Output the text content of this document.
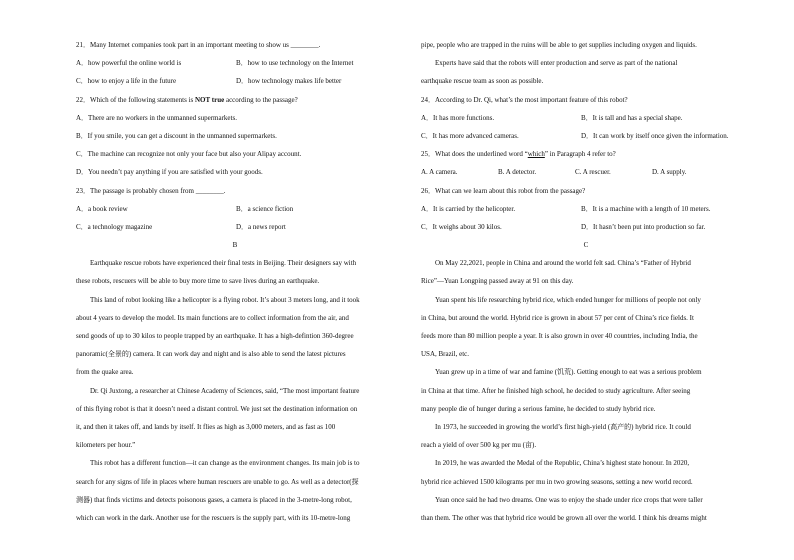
21．Many Internet companies took part in an important meeting to show us ________.
A．how powerful the online world is	B．how to use technology on the Internet
C．how to enjoy a life in the future	D．how technology makes life better
22．Which of the following statements is NOT true according to the passage?
A．There are no workers in the unmanned supermarkets.
B．If you smile, you can get a discount in the unmanned supermarkets.
C．The machine can recognize not only your face but also your Alipay account.
D．You needn’t pay anything if you are satisfied with your goods.
23．The passage is probably chosen from ________.
A．a book review	B．a science fiction
C．a technology magazine	D．a news report
B
Earthquake rescue robots have experienced their final tests in Beijing. Their designers say with
these robots, rescuers will be able to buy more time to save lives during an earthquake.
This land of robot looking like a helicopter is a flying robot. It’s about 3 meters long, and it took
about 4 years to develop the model. Its main functions are to collect information from the air, and
send goods of up to 30 kilos to people trapped by an earthquake. It has a high-defintion 360-degree
panoramic(全景的) camera. It can work day and night and is also able to send the latest pictures
from the quake area.
Dr. Qi Juxtong, a researcher at Chinese Academy of Sciences, said, “The most important feature
of this flying robot is that it doesn’t need a distant control. We just set the destination information on
it, and then it takes off, and lands by itself. It flies as high as 3,000 meters, and as fast as 100
kilometers per hour.”
This robot has a different function—it can change as the environment changes. Its main job is to
search for any signs of life in places where human rescuers are unable to go. As well as a detector(探
测器) that finds victims and detects poisonous gases, a camera is placed in the 3-metre-long robot,
which can work in the dark. Another use for the rescuers is the supply part, with its 10-metre-long
pipe, people who are trapped in the ruins will be able to get supplies including oxygen and liquids.
Experts have said that the robots will enter production and serve as part of the national
earthquake rescue team as soon as possible.
24．According to Dr. Qi, what’s the most important feature of this robot?
A．It has more functions.	B．It is tall and has a special shape.
C．It has more advanced cameras.	D．It can work by itself once given the information.
25．What does the underlined word “which” in Paragraph 4 refer to?
A. A camera.	B. A detector.	C. A rescuer.	D. A supply.
26．What can we learn about this robot from the passage?
A．It is carried by the helicopter.	B．It is a machine with a length of 10 meters.
C．It weighs about 30 kilos.	D．It hasn’t been put into production so far.
C
On May 22,2021, people in China and around the world felt sad. China’s “Father of Hybrid
Rice”—Yuan Longping passed away at 91 on this day.
Yuan spent his life researching hybrid rice, which ended hunger for millions of people not only
in China, but around the world. Hybrid rice is grown in about 57 per cent of China’s rice fields. It
feeds more than 80 million people a year. It is also grown in over 40 countries, including India, the
USA, Brazil, etc.
Yuan grew up in a time of war and famine (饥荒). Getting enough to eat was a serious problem
in China at that time. After he finished high school, he decided to study agriculture. After seeing
many people die of hunger during a serious famine, he decided to study hybrid rice.
In 1973, he succeeded in growing the world’s first high-yield (高产的) hybrid rice. It could
reach a yield of over 500 kg per mu (亩).
In 2019, he was awarded the Medal of the Republic, China’s highest state honour. In 2020,
hybrid rice achieved 1500 kilograms per mu in two growing seasons, setting a new world record.
Yuan once said he had two dreams. One was to enjoy the shade under rice crops that were taller
than them. The other was that hybrid rice would be grown all over the world. I think his dreams might
